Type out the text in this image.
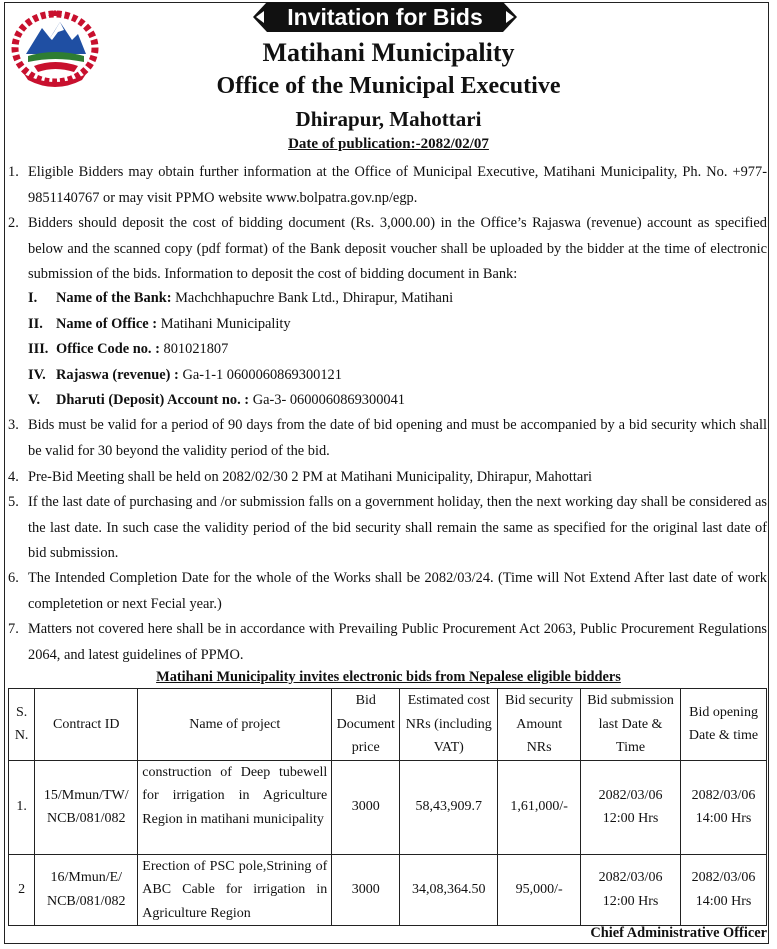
Invitation for Bids
Matihani Municipality
Office of the Municipal Executive
Dhirapur, Mahottari
Date of publication:-2082/02/07
1. Eligible Bidders may obtain further information at the Office of Municipal Executive, Matihani Municipality, Ph. No. +977-9851140767 or may visit PPMO website www.bolpatra.gov.np/egp.
2. Bidders should deposit the cost of bidding document (Rs. 3,000.00) in the Office’s Rajaswa (revenue) account as specified below and the scanned copy (pdf format) of the Bank deposit voucher shall be uploaded by the bidder at the time of electronic submission of the bids. Information to deposit the cost of bidding document in Bank:
I. Name of the Bank: Machchhapuchre Bank Ltd., Dhirapur, Matihani
II. Name of Office : Matihani Municipality
III. Office Code no. : 801021807
IV. Rajaswa (revenue) : Ga-1-1 0600060869300121
V. Dharuti (Deposit) Account no. : Ga-3- 0600060869300041
3. Bids must be valid for a period of 90 days from the date of bid opening and must be accompanied by a bid security which shall be valid for 30 beyond the validity period of the bid.
4. Pre-Bid Meeting shall be held on 2082/02/30 2 PM at Matihani Municipality, Dhirapur, Mahottari
5. If the last date of purchasing and /or submission falls on a government holiday, then the next working day shall be considered as the last date. In such case the validity period of the bid security shall remain the same as specified for the original last date of bid submission.
6. The Intended Completion Date for the whole of the Works shall be 2082/03/24. (Time will Not Extend After last date of work completetion or next Fecial year.)
7. Matters not covered here shall be in accordance with Prevailing Public Procurement Act 2063, Public Procurement Regulations 2064, and latest guidelines of PPMO.
Matihani Municipality invites electronic bids from Nepalese eligible bidders
S. N.	Contract ID	Name of project	Bid Document price	Estimated cost NRs (including VAT)	Bid security Amount NRs	Bid submission last Date & Time	Bid opening Date & time
1.	15/Mmun/TW/ NCB/081/082	construction of Deep tubewell for irrigation in Agriculture Region in matihani municipality	3000	58,43,909.7	1,61,000/-	2082/03/06 12:00 Hrs	2082/03/06 14:00 Hrs
2	16/Mmun/E/ NCB/081/082	Erection of PSC pole,Strining of ABC Cable for irrigation in Agriculture Region	3000	34,08,364.50	95,000/-	2082/03/06 12:00 Hrs	2082/03/06 14:00 Hrs
Chief Administrative Officer
